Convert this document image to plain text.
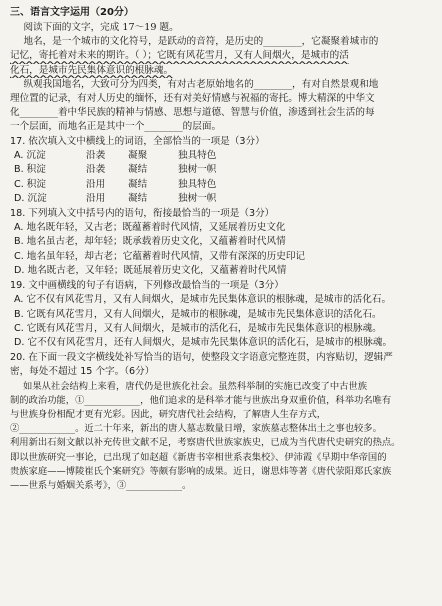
三、语言文字运用（20分）

阅读下面的文字，完成 17～19 题。

地名，是一个城市的文化符号，是跃动的音符，是历史的________，它凝聚着城市的

记忆，寄托着对未来的期许。（ ）；它既有风花雪月，又有人间烟火，是城市的活

化石，是城市先民集体意识的根脉魂。

纵观我国地名，大致可分为四类，有对古老原始地名的________，有对自然景观和地

理位置的记录，有对人历史的缅怀，还有对美好情感与祝福的寄托。博大精深的中华文

化________着中华民族的精神与情感、思想与道德、智慧与价值，渗透到社会生活的每

一个层面，而地名正是其中一个________的层面。

17. 依次填入文中横线上的词语，全部恰当的一项是（3分）
A. 沉淀	沿袭	凝聚	独具特色
B. 积淀	沿袭	凝结	独树一帜
C. 积淀	沿用	凝结	独具特色
D. 沉淀	沿用	凝结	独树一帜
18. 下列填入文中括号内的语句，衔接最恰当的一项是（3分）
A. 地名既年轻，又古老；既蕴蓄着时代风情，又延展着历史文化
B. 地名虽古老，却年轻；既承载着历史文化，又蕴蓄着时代风情
C. 地名虽年轻，却古老；它蕴蓄着时代风情，又带有深深的历史印记
D. 地名既古老，又年轻；既延展着历史文化，又蕴蓄着时代风情
19. 文中画横线的句子有语病，下列修改最恰当的一项是（3分）
A. 它不仅有风花雪月，又有人间烟火，是城市先民集体意识的根脉魂，是城市的活化石。
B. 它既有风花雪月，又有人间烟火，是城市的根脉魂，是城市先民集体意识的活化石。
C. 它既有风花雪月，又有人间烟火，是城市的活化石，是城市先民集体意识的根脉魂。
D. 它不仅有风花雪月，还有人间烟火，是城市先民集体意识的活化石，是城市的根脉魂。
20. 在下面一段文字横线处补写恰当的语句，使整段文字语意完整连贯，内容贴切，逻辑严
密，每处不超过 15 个字。（6分）

如果从社会结构上来看，唐代仍是世族化社会。虽然科举制的实施已改变了中古世族

制的政治功能，①____________，他们追求的是科举才能与世族出身双重价值，科举功名唯有

与世族身份相配才更有光彩。因此，研究唐代社会结构，了解唐人生存方式，

②____________。近二十年来，新出的唐人墓志数量日增，家族墓志整体出土之事也较多。

利用新出石刻文献以补充传世文献不足，考察唐代世族家族史，已成为当代唐代史研究的热点。

即以世族研究一事论，已出现了如赵超《新唐书宰相世系表集校》、伊沛霞《早期中华帝国的

贵族家庭——博陵崔氏个案研究》等颇有影响的成果。近日，谢思炜等著《唐代荥阳郑氏家族

——世系与婚姻关系考》，③____________。
